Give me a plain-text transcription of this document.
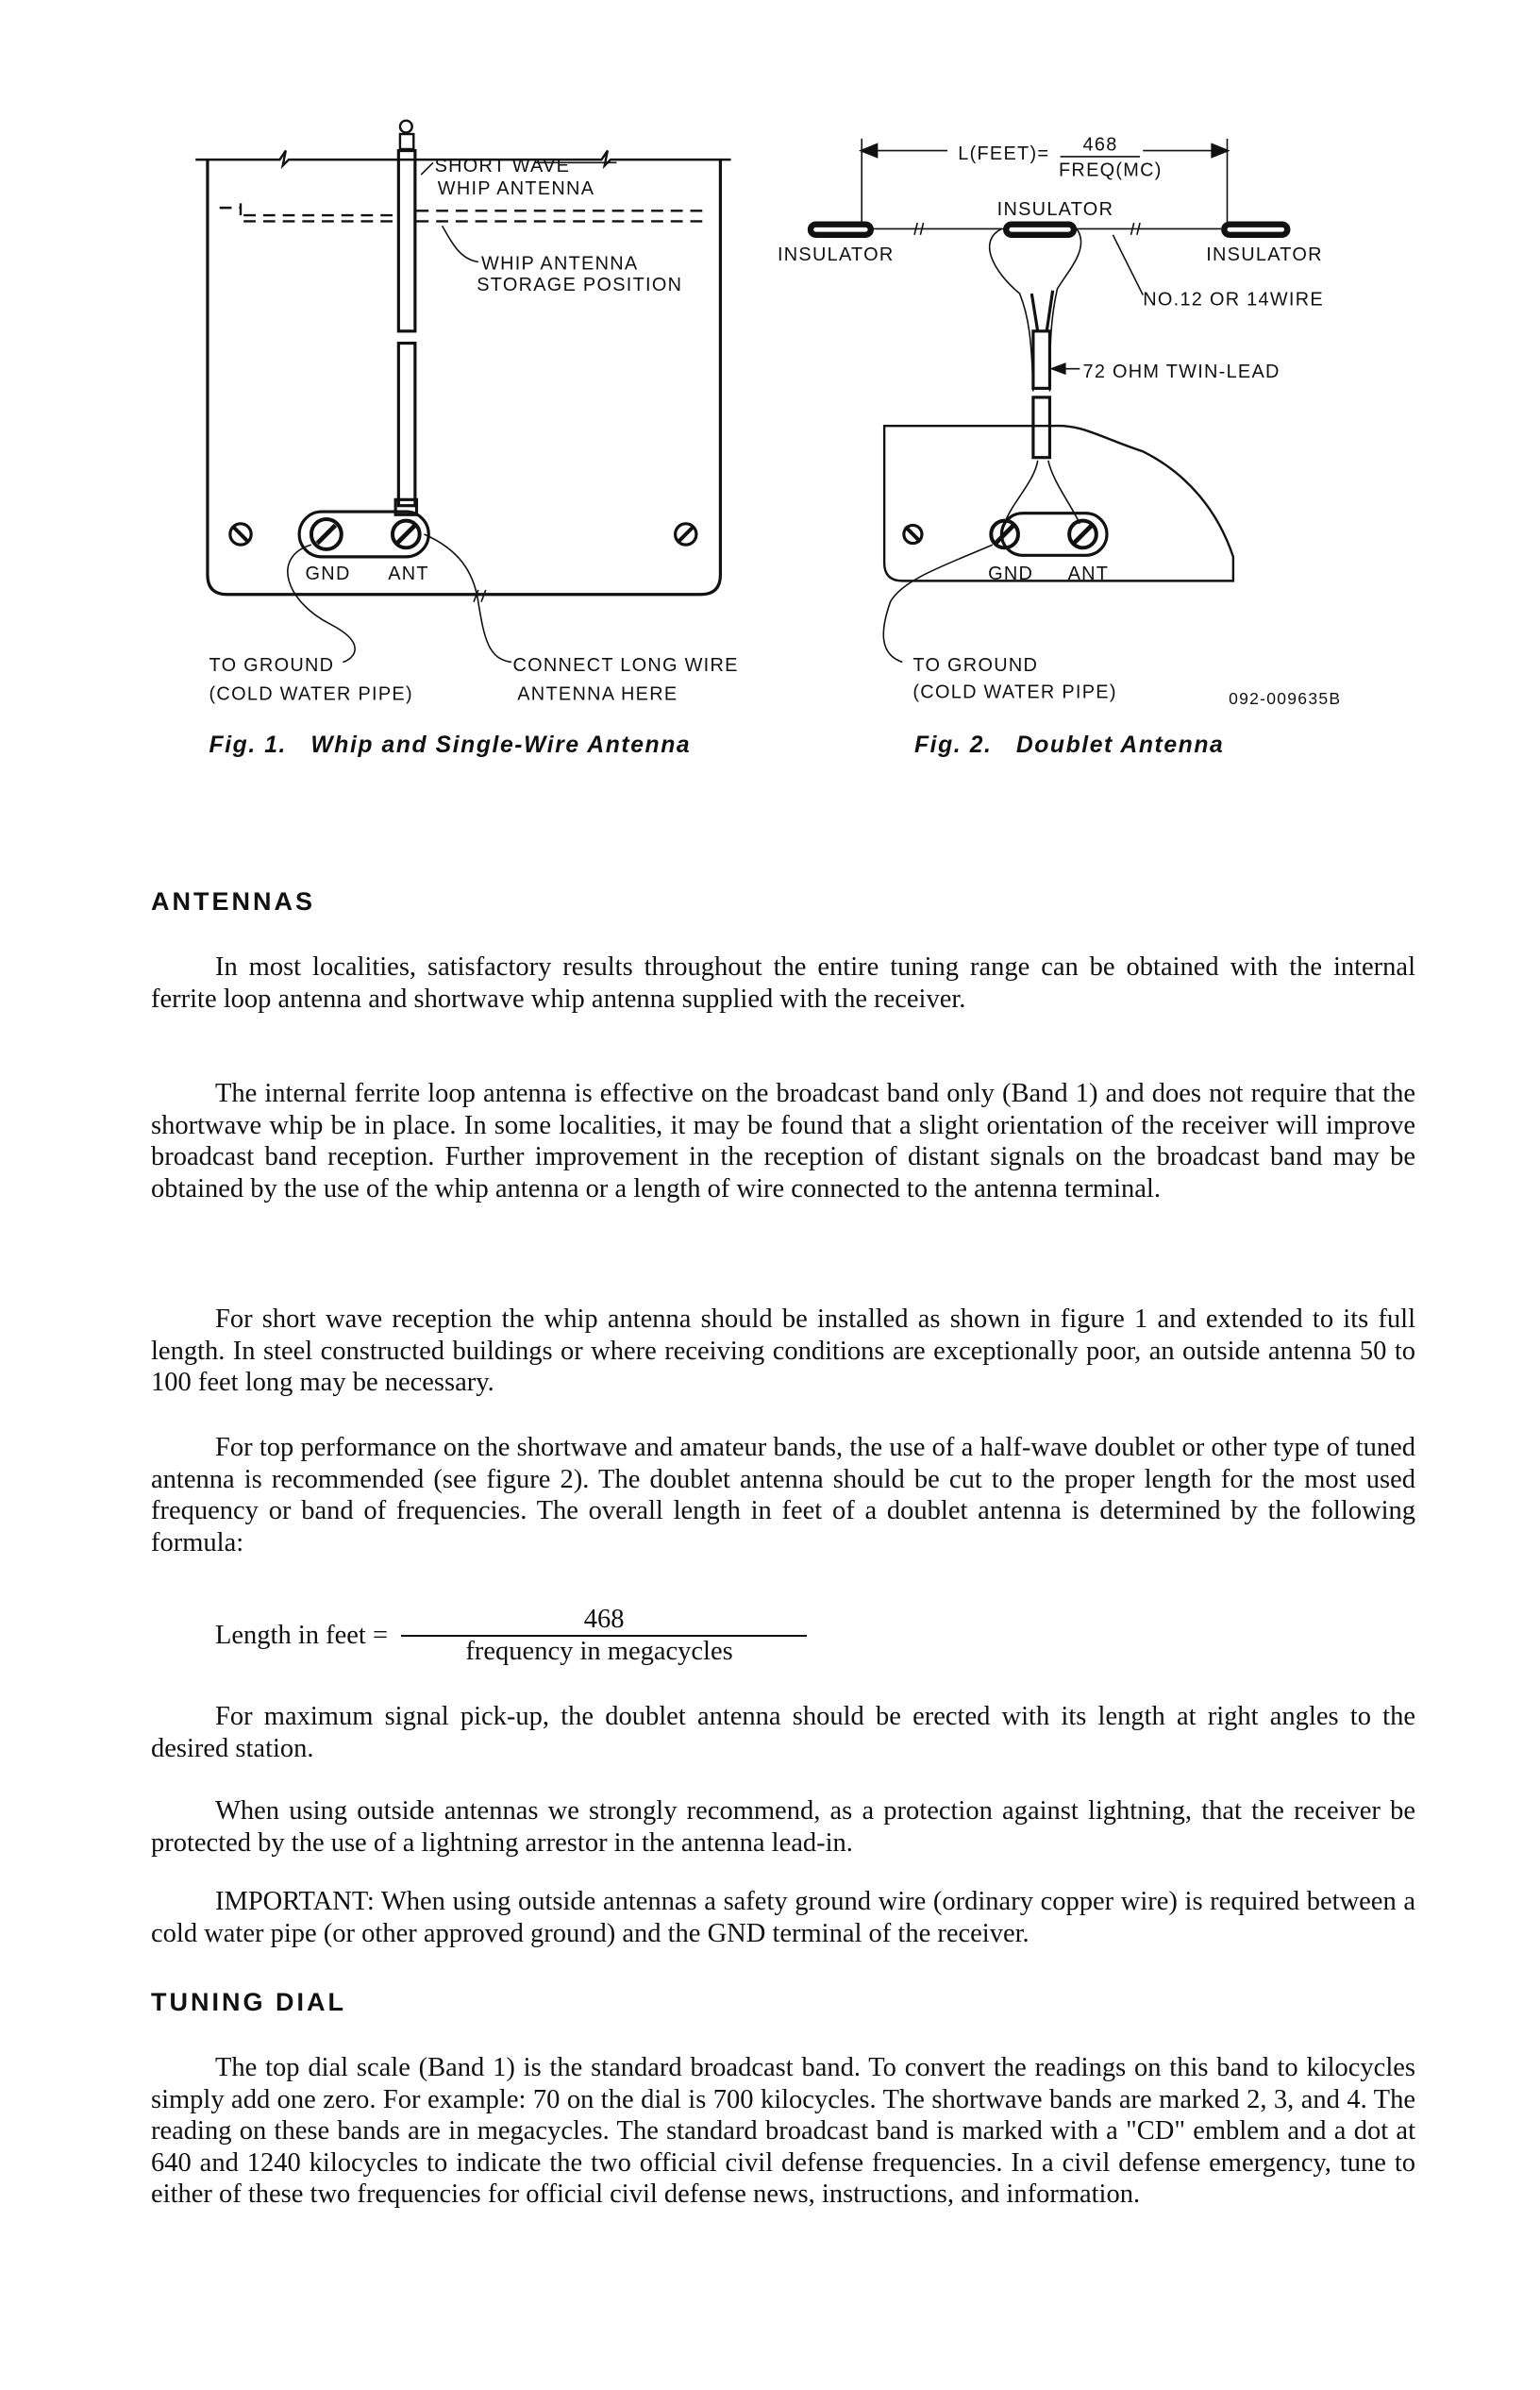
SHORT WAVE
WHIP ANTENNA
WHIP ANTENNA
STORAGE POSITION
GND	ANT
TO GROUND
(COLD WATER PIPE)
CONNECT LONG WIRE
ANTENNA HERE
Fig. 1.   Whip and Single-Wire Antenna
L(FEET)=	468
FREQ(MC)
INSULATOR
INSULATOR
INSULATOR
NO.12 OR 14WIRE
72 OHM TWIN-LEAD
GND	ANT
TO GROUND
(COLD WATER PIPE)	092-009635B
Fig. 2.   Doublet Antenna
ANTENNAS

In most localities, satisfactory results throughout the entire tuning range can be obtained with the internal ferrite loop antenna and shortwave whip antenna supplied with the receiver.

The internal ferrite loop antenna is effective on the broadcast band only (Band 1) and does not require that the shortwave whip be in place. In some localities, it may be found that a slight orientation of the receiver will improve broadcast band reception. Further improvement in the reception of distant signals on the broadcast band may be obtained by the use of the whip antenna or a length of wire connected to the antenna terminal.

For short wave reception the whip antenna should be installed as shown in figure 1 and extended to its full length. In steel constructed buildings or where receiving conditions are exceptionally poor, an outside antenna 50 to 100 feet long may be necessary.

For top performance on the shortwave and amateur bands, the use of a half-wave doublet or other type of tuned antenna is recommended (see figure 2). The doublet antenna should be cut to the proper length for the most used frequency or band of frequencies. The overall length in feet of a doublet antenna is determined by the following formula:

Length in feet = $\frac{468}{\text{frequency in megacycles}}$

For maximum signal pick-up, the doublet antenna should be erected with its length at right angles to the desired station.

When using outside antennas we strongly recommend, as a protection against lightning, that the receiver be protected by the use of a lightning arrestor in the antenna lead-in.

IMPORTANT: When using outside antennas a safety ground wire (ordinary copper wire) is required between a cold water pipe (or other approved ground) and the GND terminal of the receiver.

TUNING DIAL

The top dial scale (Band 1) is the standard broadcast band. To convert the readings on this band to kilocycles simply add one zero. For example: 70 on the dial is 700 kilocycles. The shortwave bands are marked 2, 3, and 4. The reading on these bands are in megacycles. The standard broadcast band is marked with a "CD" emblem and a dot at 640 and 1240 kilocycles to indicate the two official civil defense frequencies. In a civil defense emergency, tune to either of these two frequencies for official civil defense news, instructions, and information.
